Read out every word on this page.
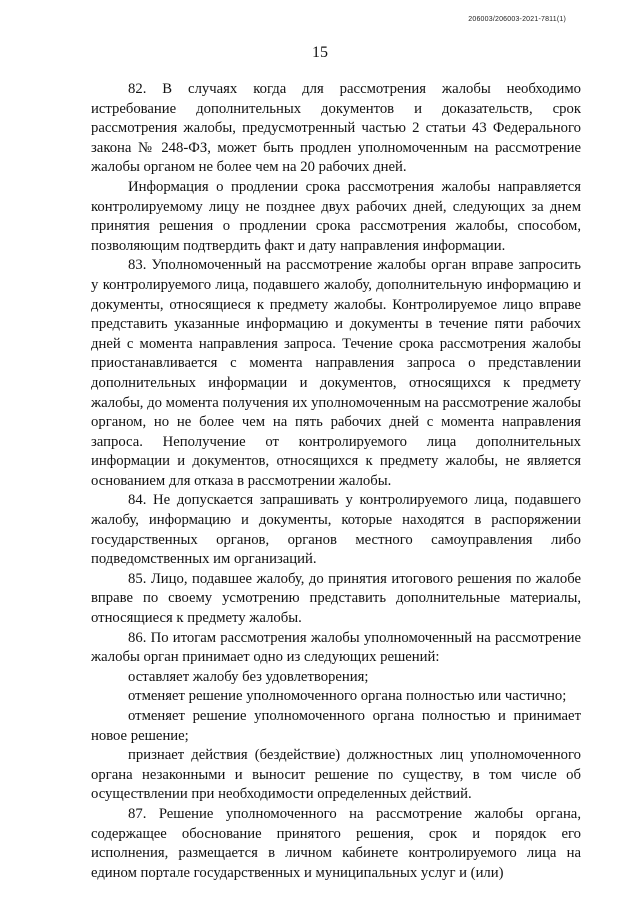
206003/206003-2021-7811(1)
15

82. В случаях когда для рассмотрения жалобы необходимо истребование дополнительных документов и доказательств, срок рассмотрения жалобы, предусмотренный частью 2 статьи 43 Федерального закона № 248-ФЗ, может быть продлен уполномоченным на рассмотрение жалобы органом не более чем на 20 рабочих дней.

Информация о продлении срока рассмотрения жалобы направляется контролируемому лицу не позднее двух рабочих дней, следующих за днем принятия решения о продлении срока рассмотрения жалобы, способом, позволяющим подтвердить факт и дату направления информации.

83. Уполномоченный на рассмотрение жалобы орган вправе запросить у контролируемого лица, подавшего жалобу, дополнительную информацию и документы, относящиеся к предмету жалобы. Контролируемое лицо вправе представить указанные информацию и документы в течение пяти рабочих дней с момента направления запроса. Течение срока рассмотрения жалобы приостанавливается с момента направления запроса о представлении дополнительных информации и документов, относящихся к предмету жалобы, до момента получения их уполномоченным на рассмотрение жалобы органом, но не более чем на пять рабочих дней с момента направления запроса. Неполучение от контролируемого лица дополнительных информации и документов, относящихся к предмету жалобы, не является основанием для отказа в рассмотрении жалобы.

84. Не допускается запрашивать у контролируемого лица, подавшего жалобу, информацию и документы, которые находятся в распоряжении государственных органов, органов местного самоуправления либо подведомственных им организаций.

85. Лицо, подавшее жалобу, до принятия итогового решения по жалобе вправе по своему усмотрению представить дополнительные материалы, относящиеся к предмету жалобы.

86. По итогам рассмотрения жалобы уполномоченный на рассмотрение жалобы орган принимает одно из следующих решений:

оставляет жалобу без удовлетворения;

отменяет решение уполномоченного органа полностью или частично;

отменяет решение уполномоченного органа полностью и принимает новое решение;

признает действия (бездействие) должностных лиц уполномоченного органа незаконными и выносит решение по существу, в том числе об осуществлении при необходимости определенных действий.

87. Решение уполномоченного на рассмотрение жалобы органа, содержащее обоснование принятого решения, срок и порядок его исполнения, размещается в личном кабинете контролируемого лица на едином портале государственных и муниципальных услуг и (или)
